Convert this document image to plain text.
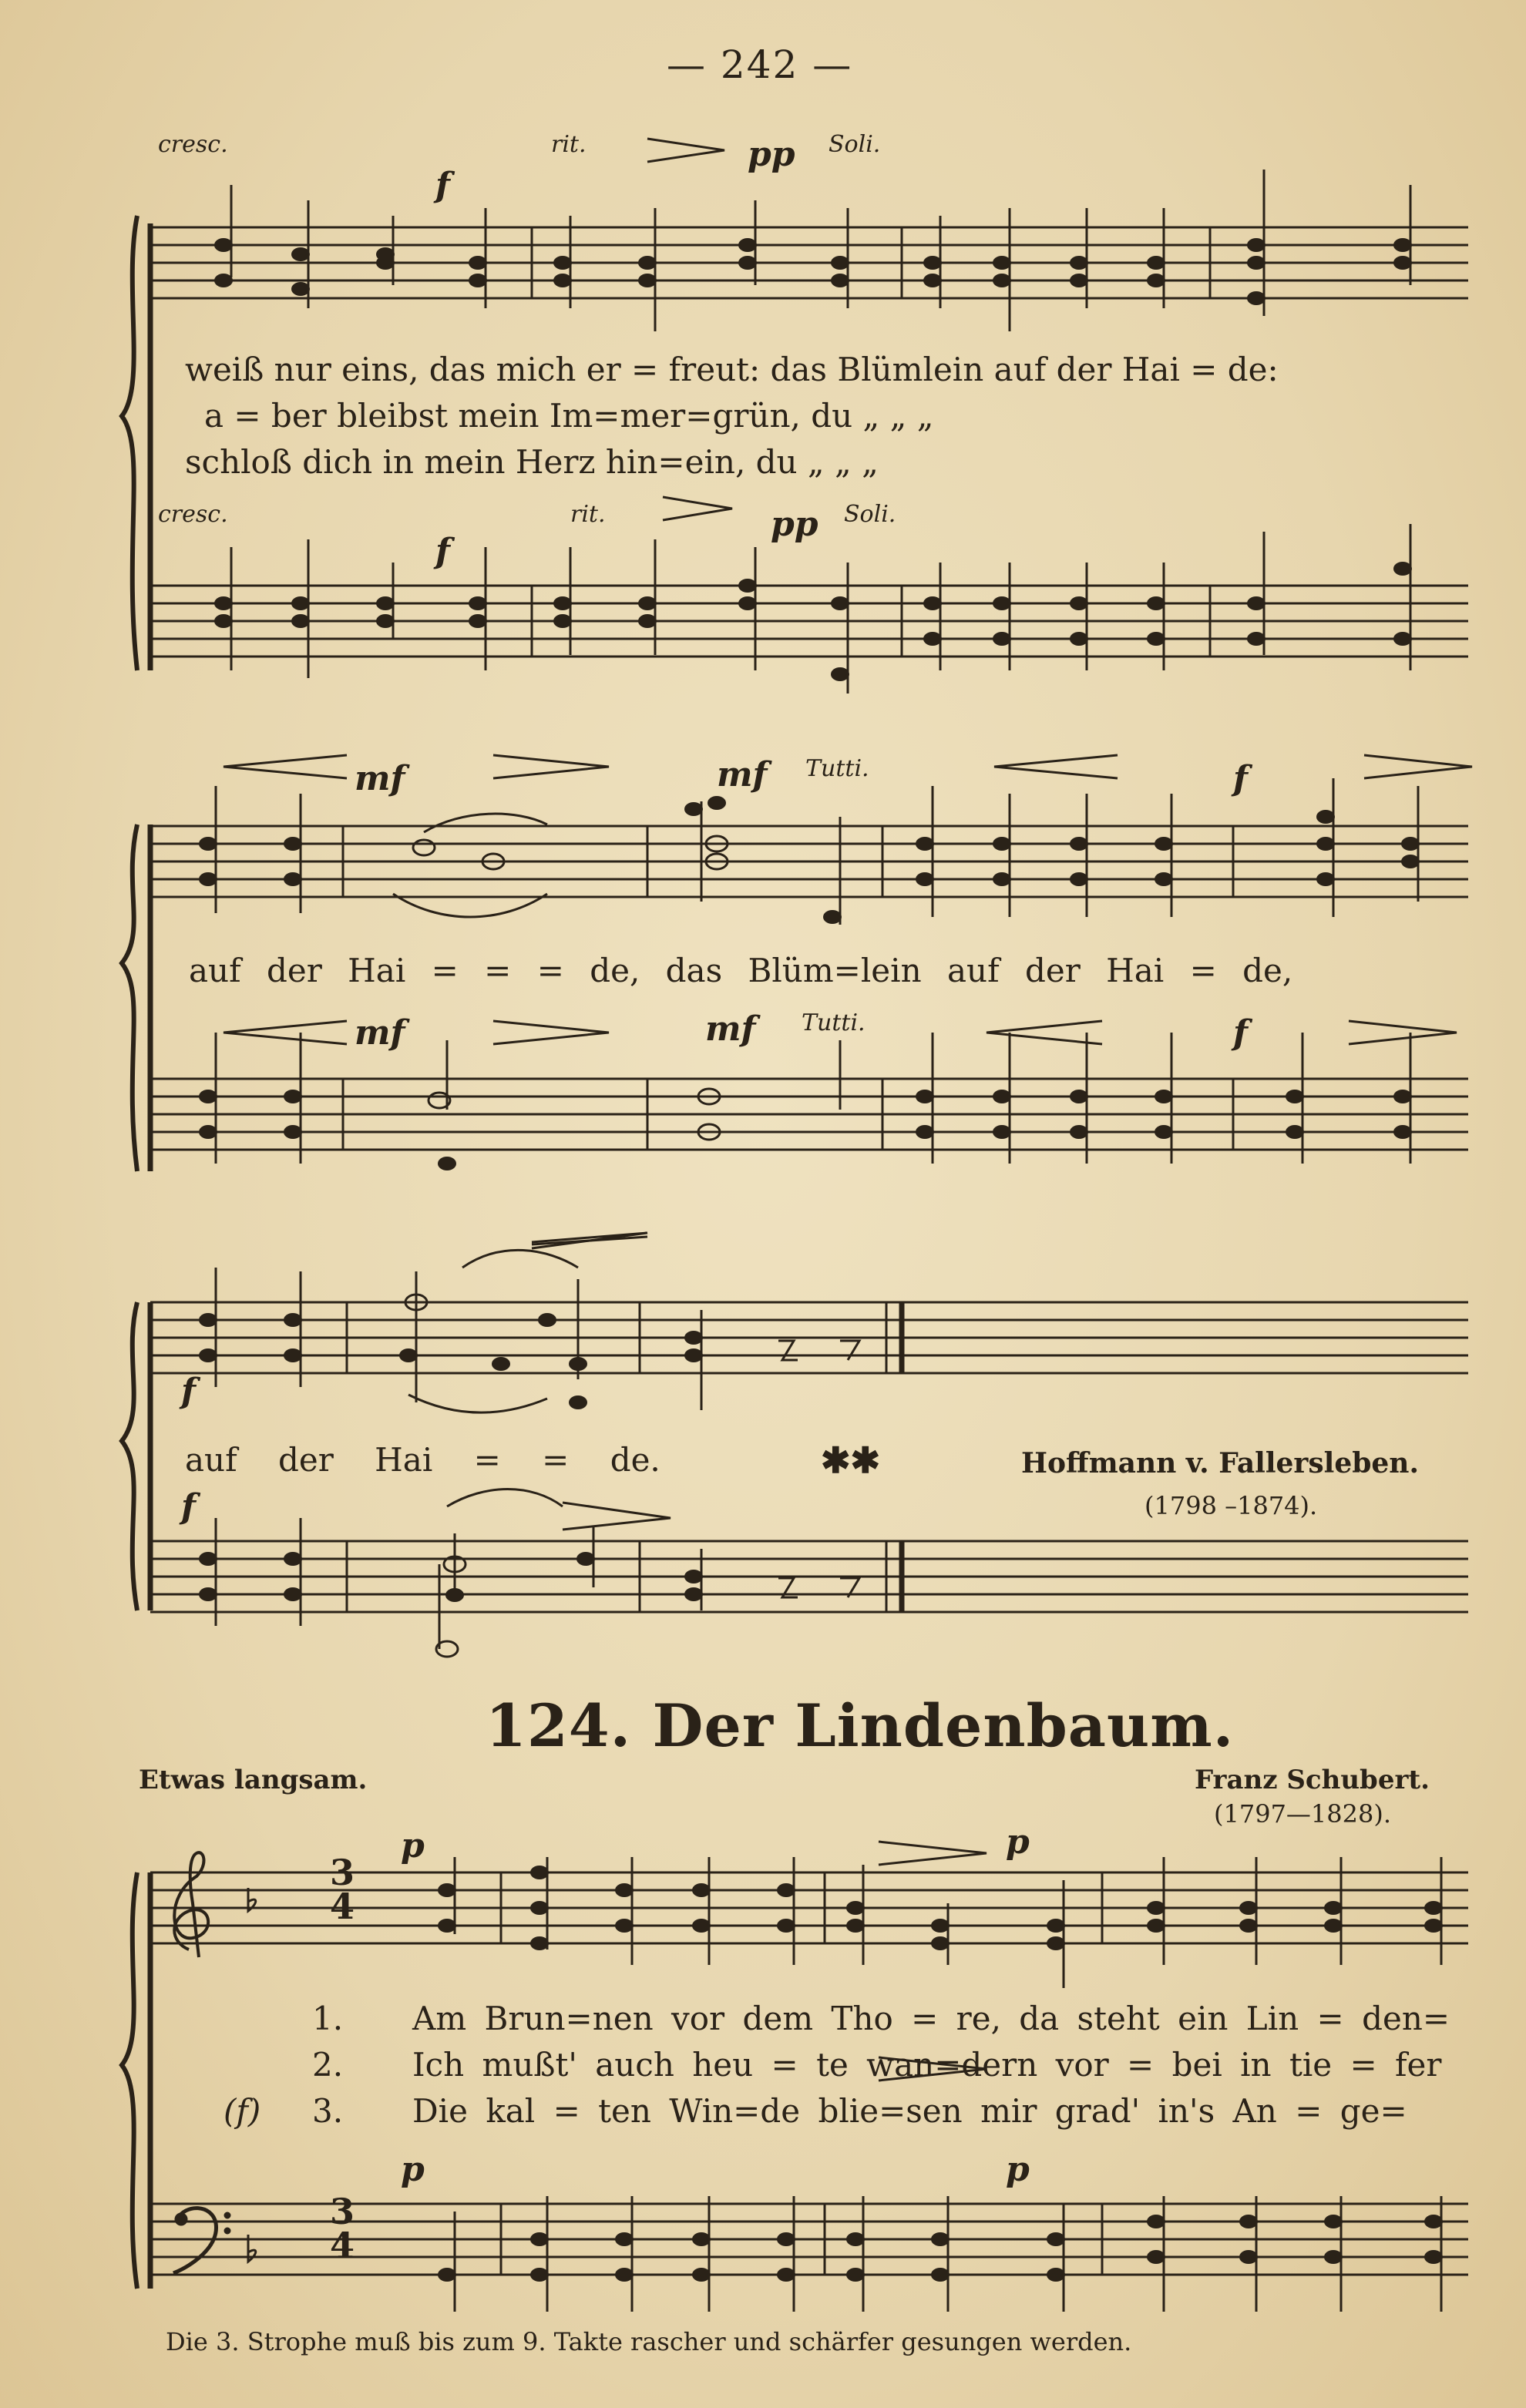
— 242 —
cresc.	rit.	pp Soli.
f
weiß nur eins, das mich er = freut: das Blümlein auf der Hai = de:
a = ber bleibst mein Im=mer=grün, du „ „ „
schloß dich in mein Herz hin=ein, du „ „ „
cresc.	rit.	pp Soli.
f
mf	mf Tutti.	f
auf der Hai = = = de, das Blüm=lein auf der Hai = de,
mf	mf Tutti.	f
f
auf der Hai = = de.	✱✱	Hoffmann v. Fallersleben.
(1798 –1874).
f
124. Der Lindenbaum.
Etwas langsam.	Franz Schubert.
(1797—1828).
p	p
3
4
3
4
1. Am Brun=nen vor dem Tho = re, da steht ein Lin = den=
2. Ich mußt' auch heu = te wan=dern vor = bei in tie = fer
(f) 3. Die kal = ten Win=de blie=sen mir grad' in's An = ge=
p	p
Die 3. Strophe muß bis zum 9. Takte rascher und schärfer gesungen werden.
